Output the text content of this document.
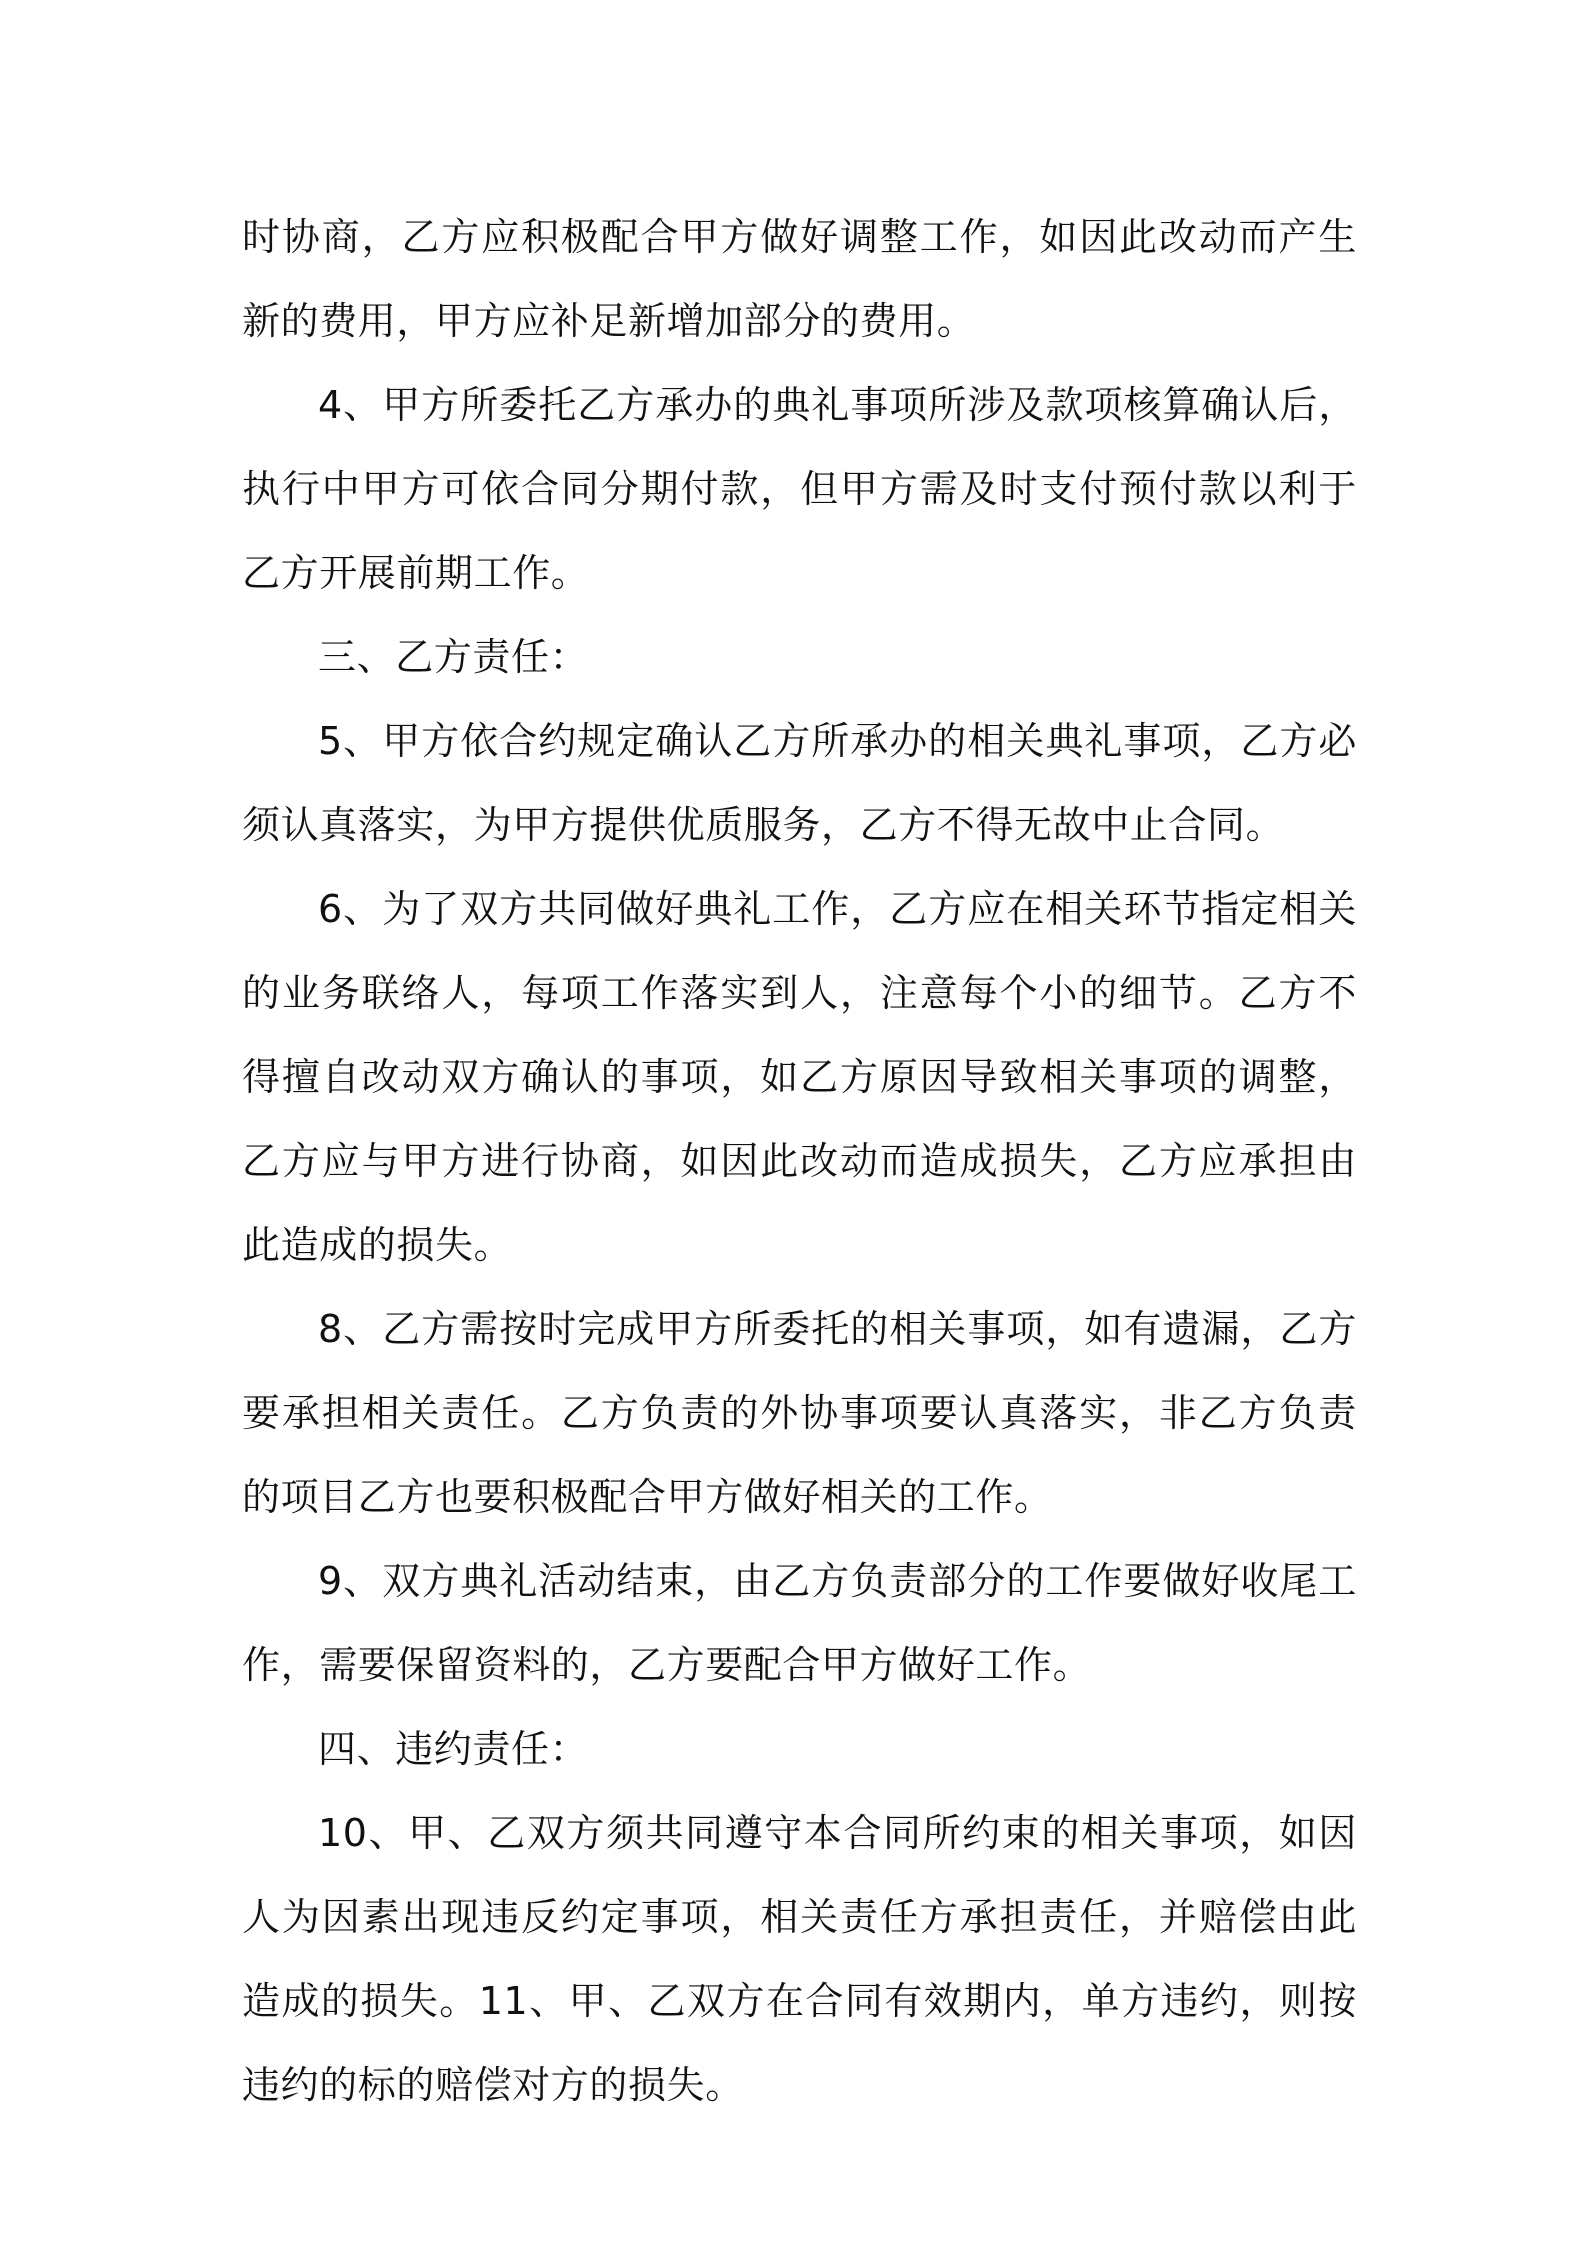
时协商，乙方应积极配合甲方做好调整工作，如因此改动而产生新的费用，甲方应补足新增加部分的费用。

4、甲方所委托乙方承办的典礼事项所涉及款项核算确认后，执行中甲方可依合同分期付款，但甲方需及时支付预付款以利于乙方开展前期工作。

三、乙方责任：

5、甲方依合约规定确认乙方所承办的相关典礼事项，乙方必须认真落实，为甲方提供优质服务，乙方不得无故中止合同。

6、为了双方共同做好典礼工作，乙方应在相关环节指定相关的业务联络人，每项工作落实到人，注意每个小的细节。乙方不得擅自改动双方确认的事项，如乙方原因导致相关事项的调整，乙方应与甲方进行协商，如因此改动而造成损失，乙方应承担由此造成的损失。

8、乙方需按时完成甲方所委托的相关事项，如有遗漏，乙方要承担相关责任。乙方负责的外协事项要认真落实，非乙方负责的项目乙方也要积极配合甲方做好相关的工作。

9、双方典礼活动结束，由乙方负责部分的工作要做好收尾工作，需要保留资料的，乙方要配合甲方做好工作。

四、违约责任：

10、甲、乙双方须共同遵守本合同所约束的相关事项，如因人为因素出现违反约定事项，相关责任方承担责任，并赔偿由此造成的损失。11、甲、乙双方在合同有效期内，单方违约，则按违约的标的赔偿对方的损失。
